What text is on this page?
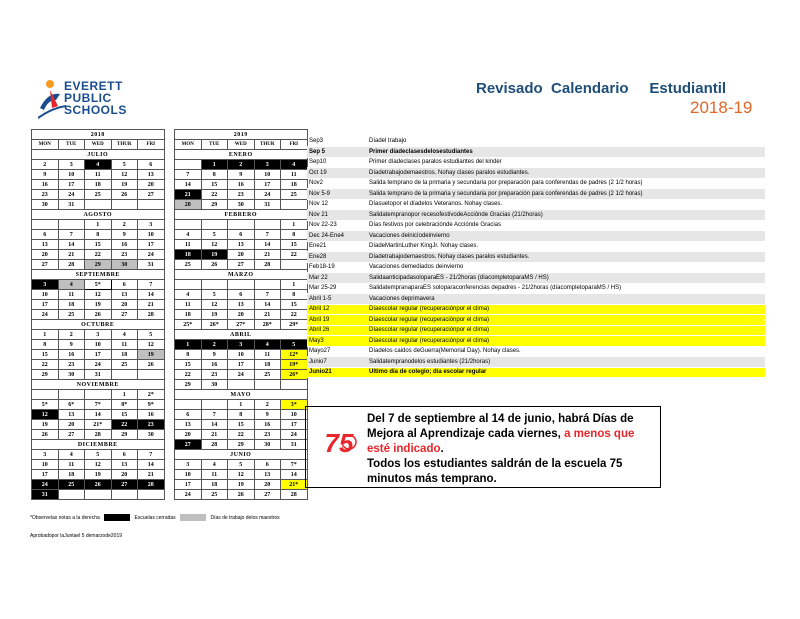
EVERETT
PUBLIC
SCHOOLS
Revisado  Calendario     Estudiantil
2018-19
2018				
MON	TUE	WED	THUR	FRI
JULIO				
2	3	4	5	6
9	10	11	12	13
16	17	18	19	20
23	24	25	26	27
30	31			
AGOSTO				
		1	2	3
6	7	8	9	10
13	14	15	16	17
20	21	22	23	24
27	28	29	30	31
SEPTIEMBRE				
3	4	5*	6	7
10	11	12	13	14
17	18	19	20	21
24	25	26	27	28
OCTUBRE				
1	2	3	4	5
8	9	10	11	12
15	16	17	18	19
22	23	24	25	26
29	30	31		
NOVIEMBRE				
			1	2*
5*	6*	7*	8*	9*
12	13	14	15	16
19	20	21*	22	23
26	27	28	29	30
DICIEMBRE				
3	4	5	6	7
10	11	12	13	14
17	18	19	20	21
24	25	26	27	28
31				
2019				
MON	TUE	WED	THUR	FRI
ENERO				
	1	2	3	4
7	8	9	10	11
14	15	16	17	18
21	22	23	24	25
28	29	30	31	
FEBRERO				
				1
4	5	6	7	8
11	12	13	14	15
18	19	20	21	22
25	26	27	28	
MARZO				
				1
4	5	6	7	8
11	12	13	14	15
18	19	20	21	22
25*	26*	27*	28*	29*
ABRIL				
1	2	3	4	5
8	9	10	11	12*
15	16	17	18	19*
22	23	24	25	26*
29	30			
MAYO				
		1	2	3*
6	7	8	9	10
13	14	15	16	17
20	21	22	23	24
27	28	29	30	31
JUNIO				
3	4	5	6	7*
10	11	12	13	14
17	18	19	20	21*
24	25	26	27	28
Sep3	Díadel trabajo
Sep 5	Primer díadeclasesdelosestudiantes
Sep10	Primer díadeclases paralos estudiantes del kinder
Oct 19	Díadetrabajodemaestros. Nohay clases paralos estudiantes.
Nov2	Salida temprano de la primaria y secundaria por preparación para conferendas de padres (2 1/2 horas)
Nov 5-9	Salida temprano de la primaria y secundaria por preparación para conferendas de padres (2 1/2 horas)
Nov 12	Díasuetopor el díadelos Veteranos. Nohay clases.
Nov 21	Salidatempranopor recesofestivodeAcciónde Gracias (21/2horas)
Nov 22-23	Días festivos por celebraciónde Acciónde Gracias
Dec 24-Ene4	Vacaciones deinicíodeinvierno
Ene21	DíadeMartinLuther KingJr. Nohay clases.
Ene28	Díadetrabajodemaestros. Nohay clases paralos estudiantes.
Feb18-19	Vacaciones demediados deinvierno
Mar 22	SalidaanticipadasoloparaES - 21/2horas (díacompletoparaMS / HS)
Mar 25-29	SalidatempranaparaES soloparaconferencias depadres - 21/2horas (díacompletoparaMS / HS)
Abril 1-5	Vacaciones deprimavera
Abril 12	Díaescolar regular (recuperaciónpor el clima)
Abril 19	Díaescolar regular (recuperaciónpor el clima)
Abril 26	Díaescolar regular (recuperaciónpor el clima)
May3	Díaescolar regular (recuperaciónpor el clima)
Mayo27	Díadelos caidos deGuerra(Memorial Day). Nohay clases.
Junio7	Salidatempranodelos estudiantes (21/2horas)
Junio21	Último día de colegio; día escolar regular
75
Del 7 de septiembre al 14 de junio, habrá Días de Mejora al Aprendizaje cada viernes, a menos que esté indicado.
Todos los estudiantes saldrán de la escuela 75 minutos más temprano.
*Observelas notas a la derecha	Escuelas cerradas	Días de trabajo delos maestros
Aprobadopor laJuntael 5 demarzode2019
